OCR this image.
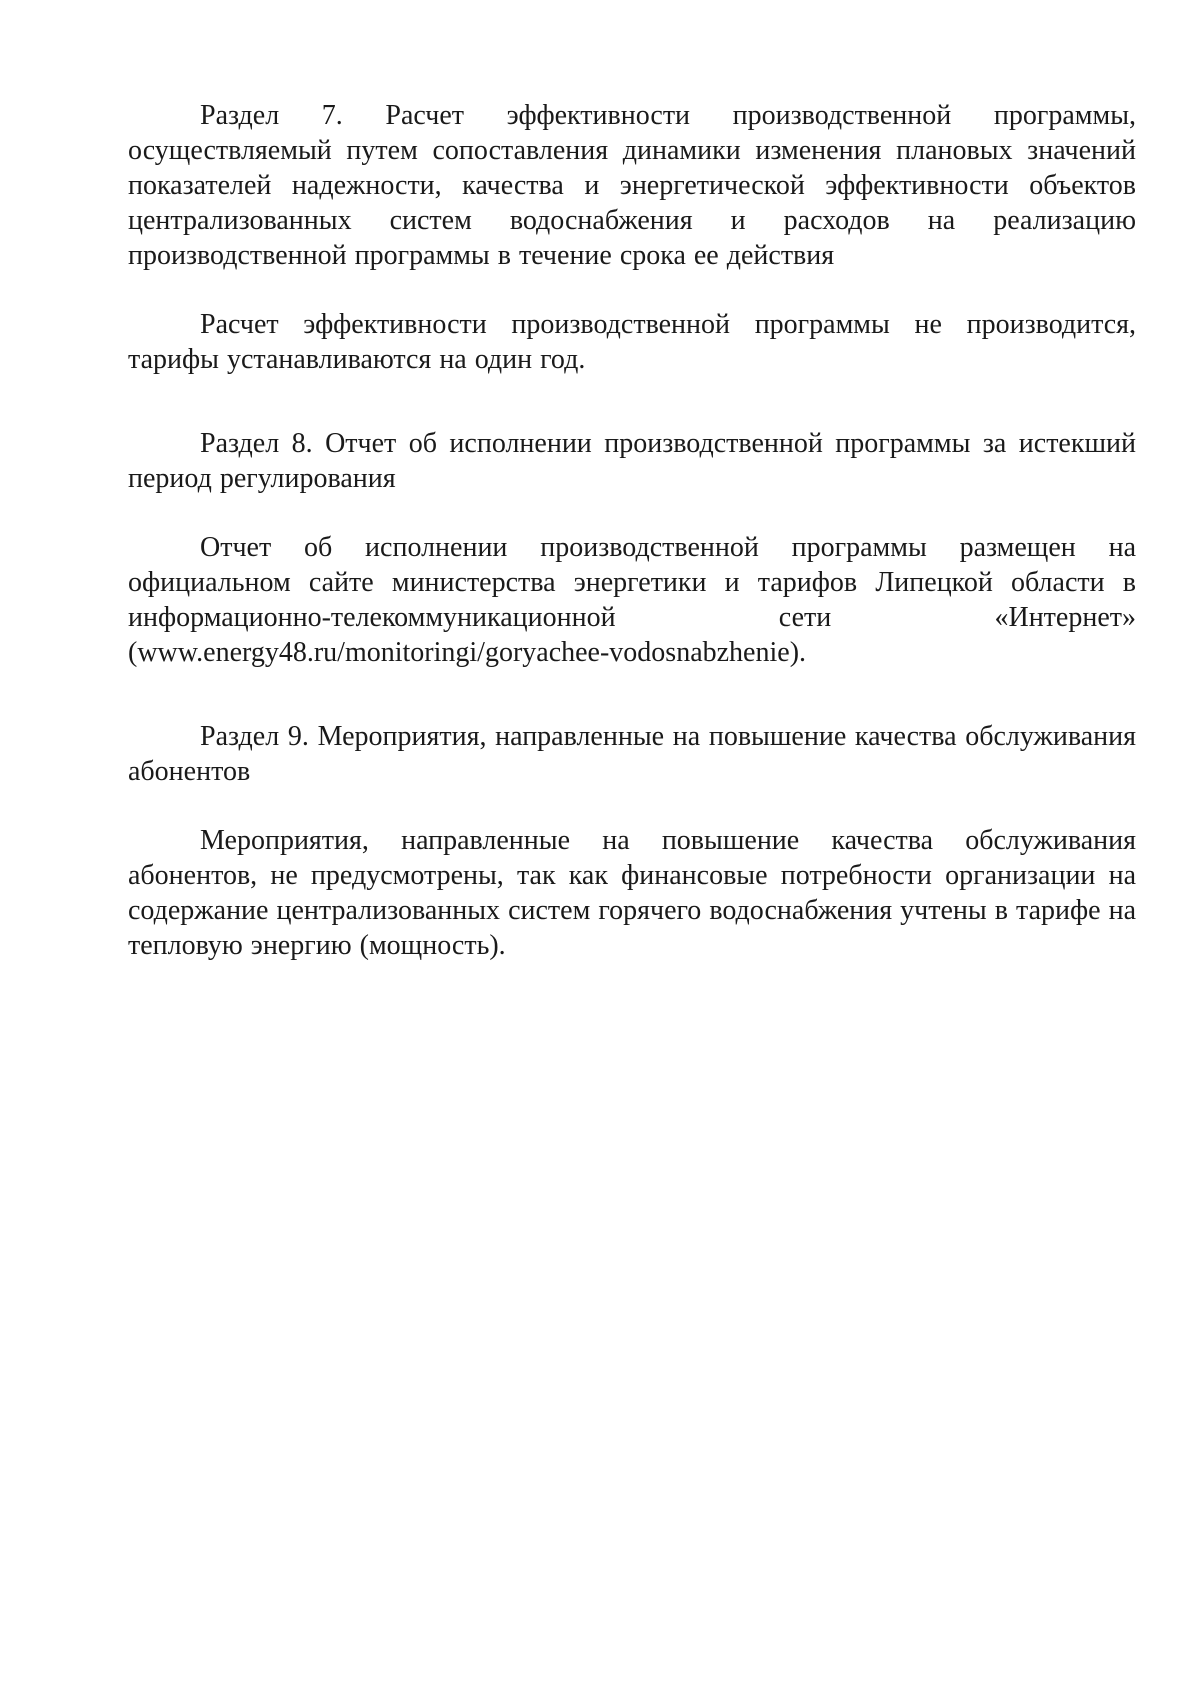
Раздел 7. Расчет эффективности производственной программы, осуществляемый путем сопоставления динамики изменения плановых значений показателей надежности, качества и энергетической эффективности объектов централизованных систем водоснабжения и расходов на реализацию производственной программы в течение срока ее действия

Расчет эффективности производственной программы не производится, тарифы устанавливаются на один год.

Раздел 8. Отчет об исполнении производственной программы за истекший период регулирования

Отчет об исполнении производственной программы размещен на официальном сайте министерства энергетики и тарифов Липецкой области в информационно-телекоммуникационной сети «Интернет» (www.energy48.ru/monitoringi/goryachee-vodosnabzhenie).

Раздел 9. Мероприятия, направленные на повышение качества обслуживания абонентов

Мероприятия, направленные на повышение качества обслуживания абонентов, не предусмотрены, так как финансовые потребности организации на содержание централизованных систем горячего водоснабжения учтены в тарифе на тепловую энергию (мощность).
